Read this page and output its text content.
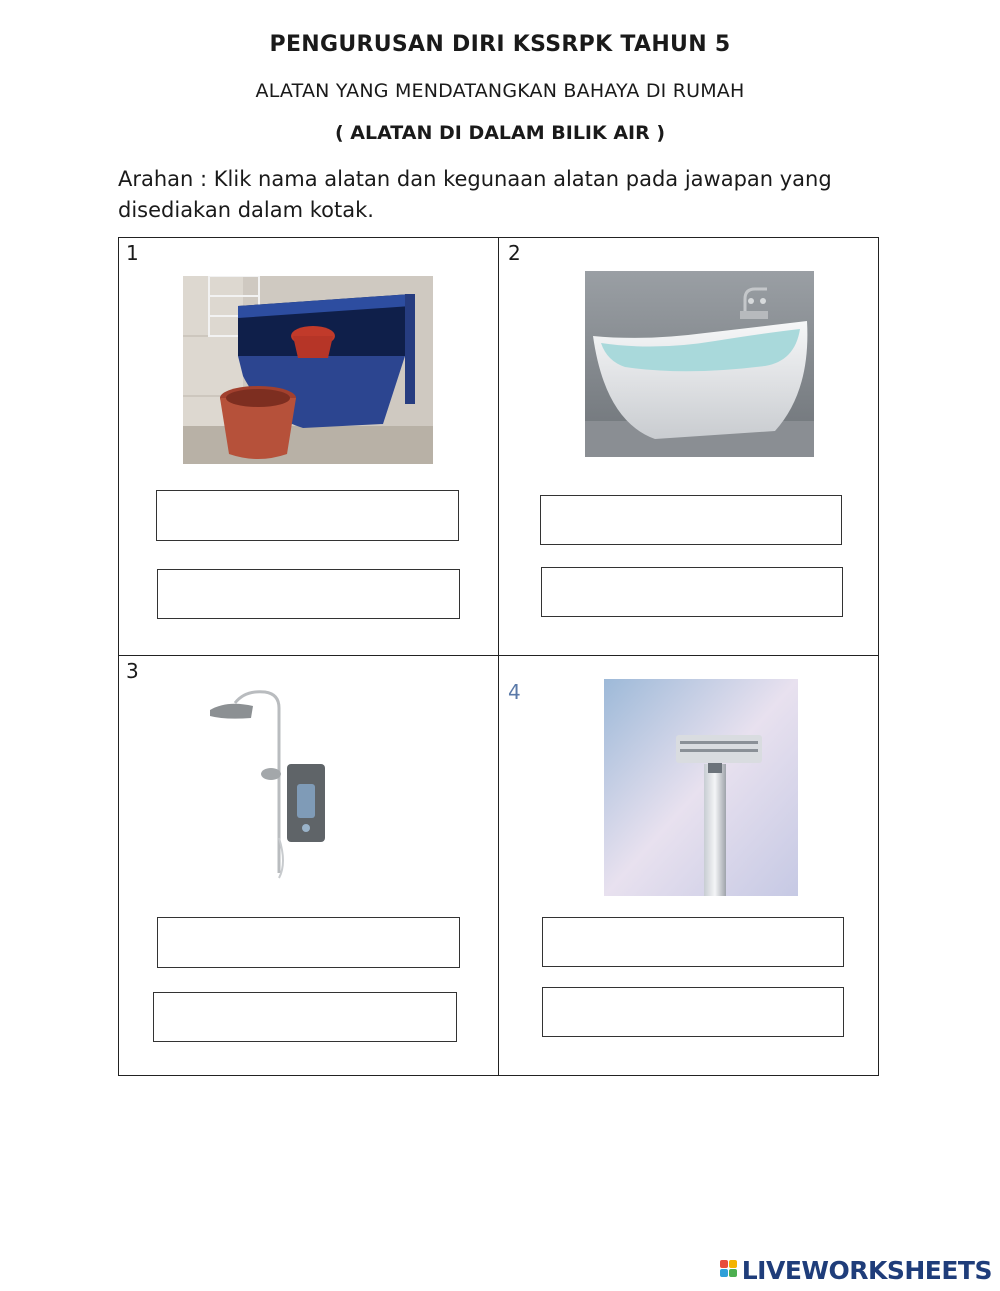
PENGURUSAN DIRI KSSRPK TAHUN 5
ALATAN YANG MENDATANGKAN BAHAYA DI RUMAH
( ALATAN DI DALAM BILIK AIR )
Arahan : Klik nama alatan dan kegunaan alatan pada jawapan yang disediakan dalam kotak.
1	2
3
4
LIVEWORKSHEETS
